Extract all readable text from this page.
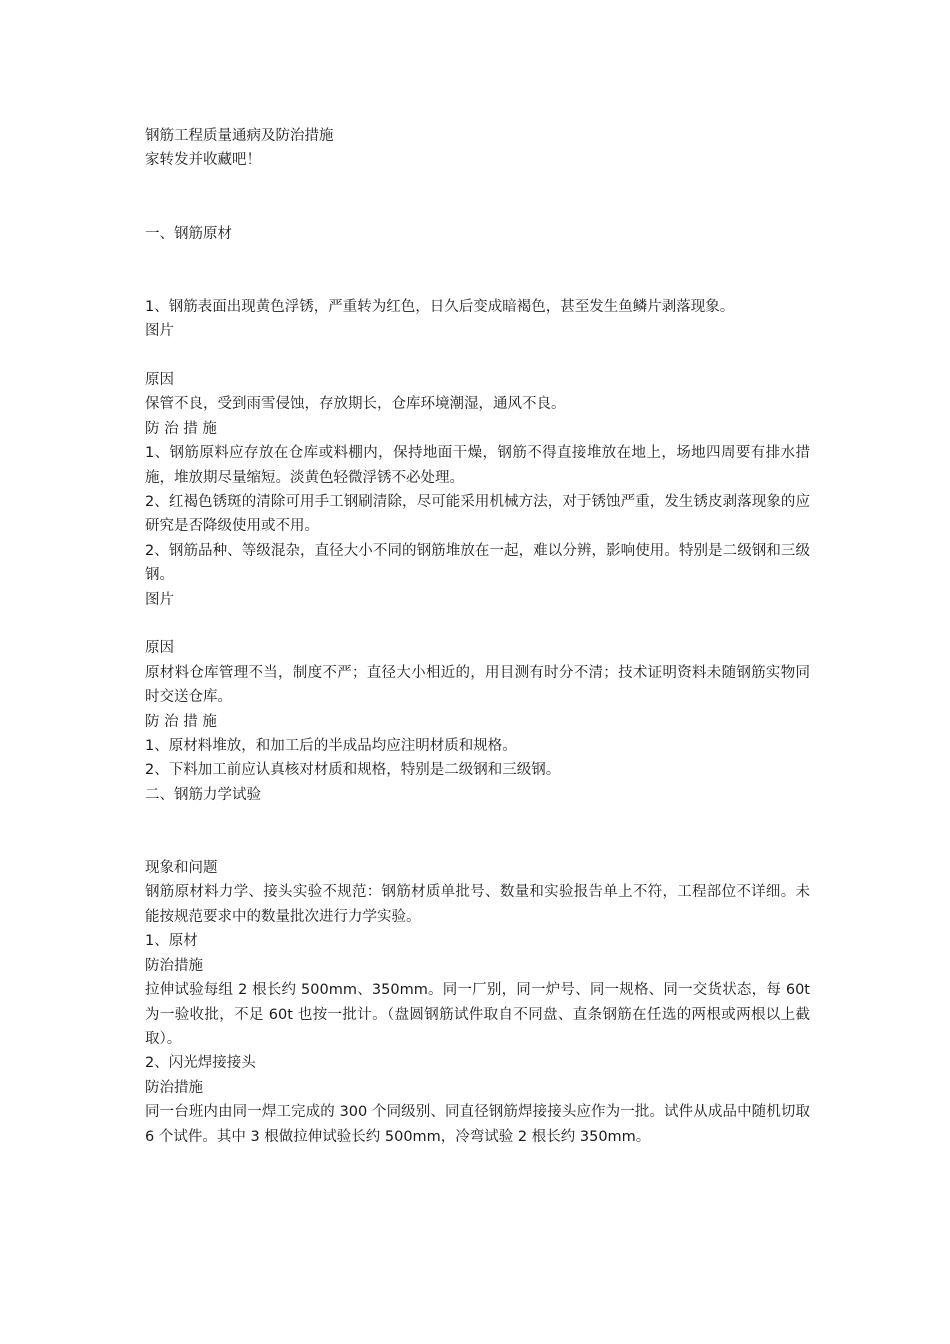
钢筋工程质量通病及防治措施

家转发并收藏吧！

一、钢筋原材

1、钢筋表面出现黄色浮锈，严重转为红色，日久后变成暗褐色，甚至发生鱼鳞片剥落现象。

图片

原因

保管不良，受到雨雪侵蚀，存放期长，仓库环境潮湿，通风不良。

防 治 措 施

1、钢筋原料应存放在仓库或料棚内，保持地面干燥，钢筋不得直接堆放在地上，场地四周要有排水措施，堆放期尽量缩短。淡黄色轻微浮锈不必处理。

2、红褐色锈斑的清除可用手工钢刷清除，尽可能采用机械方法，对于锈蚀严重，发生锈皮剥落现象的应研究是否降级使用或不用。

2、钢筋品种、等级混杂，直径大小不同的钢筋堆放在一起，难以分辨，影响使用。特别是二级钢和三级钢。

图片

原因

原材料仓库管理不当，制度不严；直径大小相近的，用目测有时分不清；技术证明资料未随钢筋实物同时交送仓库。

防 治 措 施

1、原材料堆放，和加工后的半成品均应注明材质和规格。

2、下料加工前应认真核对材质和规格，特别是二级钢和三级钢。

二、钢筋力学试验

现象和问题

钢筋原材料力学、接头实验不规范：钢筋材质单批号、数量和实验报告单上不符，工程部位不详细。未能按规范要求中的数量批次进行力学实验。

1、原材

防治措施

拉伸试验每组 2 根长约 500mm、350mm。同一厂别，同一炉号、同一规格、同一交货状态，每 60t 为一验收批，不足 60t 也按一批计。（盘圆钢筋试件取自不同盘、直条钢筋在任选的两根或两根以上截取）。

2、闪光焊接接头

防治措施

同一台班内由同一焊工完成的 300 个同级别、同直径钢筋焊接接头应作为一批。试件从成品中随机切取 6 个试件。其中 3 根做拉伸试验长约 500mm，冷弯试验 2 根长约 350mm。
